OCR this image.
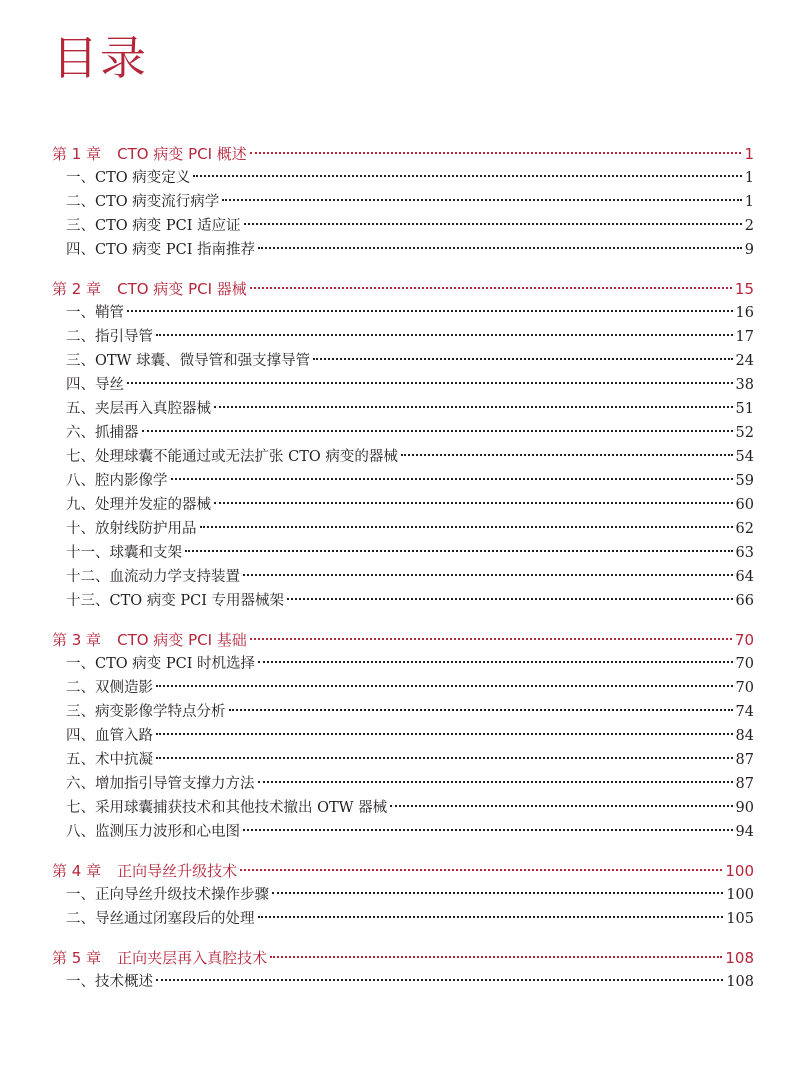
目录
第 1 章 CTO 病变 PCI 概述	1
一、CTO 病变定义	1
二、CTO 病变流行病学	1
三、CTO 病变 PCI 适应证	2
四、CTO 病变 PCI 指南推荐	9
第 2 章 CTO 病变 PCI 器械	15
一、鞘管	16
二、指引导管	17
三、OTW 球囊、微导管和强支撑导管	24
四、导丝	38
五、夹层再入真腔器械	51
六、抓捕器	52
七、处理球囊不能通过或无法扩张 CTO 病变的器械	54
八、腔内影像学	59
九、处理并发症的器械	60
十、放射线防护用品	62
十一、球囊和支架	63
十二、血流动力学支持装置	64
十三、CTO 病变 PCI 专用器械架	66
第 3 章 CTO 病变 PCI 基础	70
一、CTO 病变 PCI 时机选择	70
二、双侧造影	70
三、病变影像学特点分析	74
四、血管入路	84
五、术中抗凝	87
六、增加指引导管支撑力方法	87
七、采用球囊捕获技术和其他技术撤出 OTW 器械	90
八、监测压力波形和心电图	94
第 4 章 正向导丝升级技术	100
一、正向导丝升级技术操作步骤	100
二、导丝通过闭塞段后的处理	105
第 5 章 正向夹层再入真腔技术	108
一、技术概述	108
